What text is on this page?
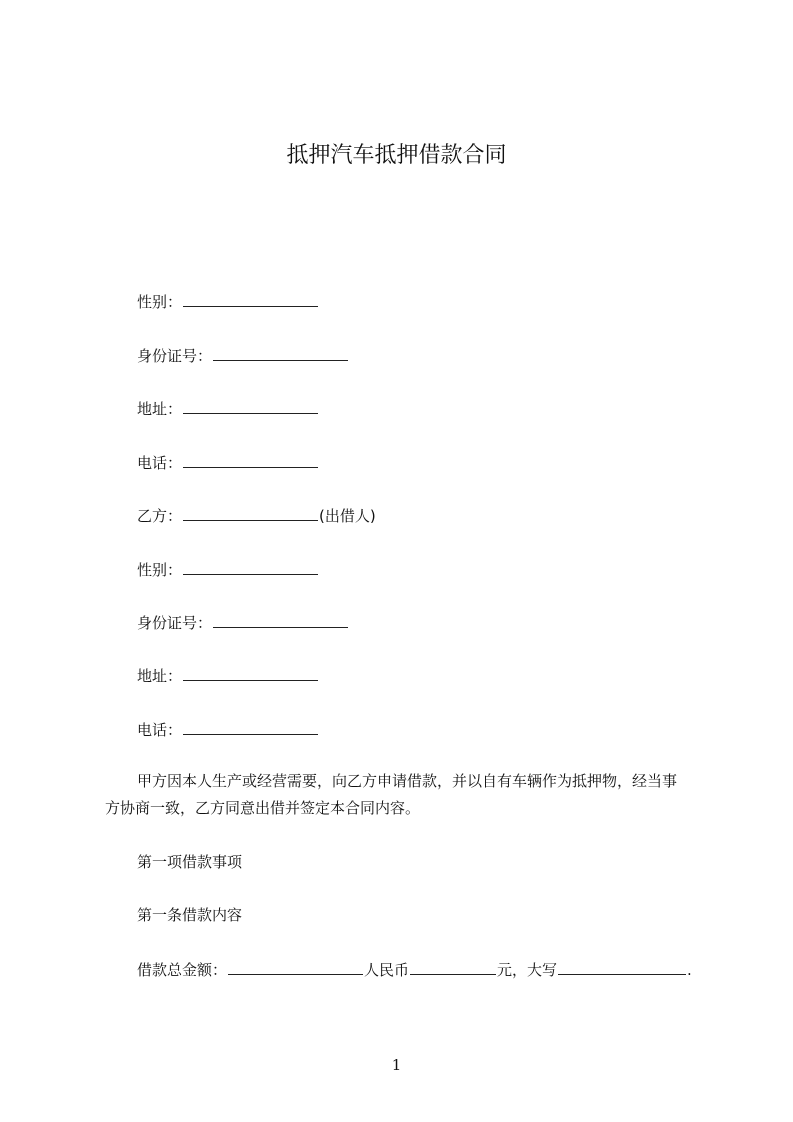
抵押汽车抵押借款合同
性别：
身份证号：
地址：
电话：
乙方：	(出借人)
性别：
身份证号：
地址：
电话：
甲方因本人生产或经营需要，向乙方申请借款，并以自有车辆作为抵押物，经当事方协商一致，乙方同意出借并签定本合同内容。
第一项借款事项
第一条借款内容
借款总金额：	人民币	元，大写	.
1
